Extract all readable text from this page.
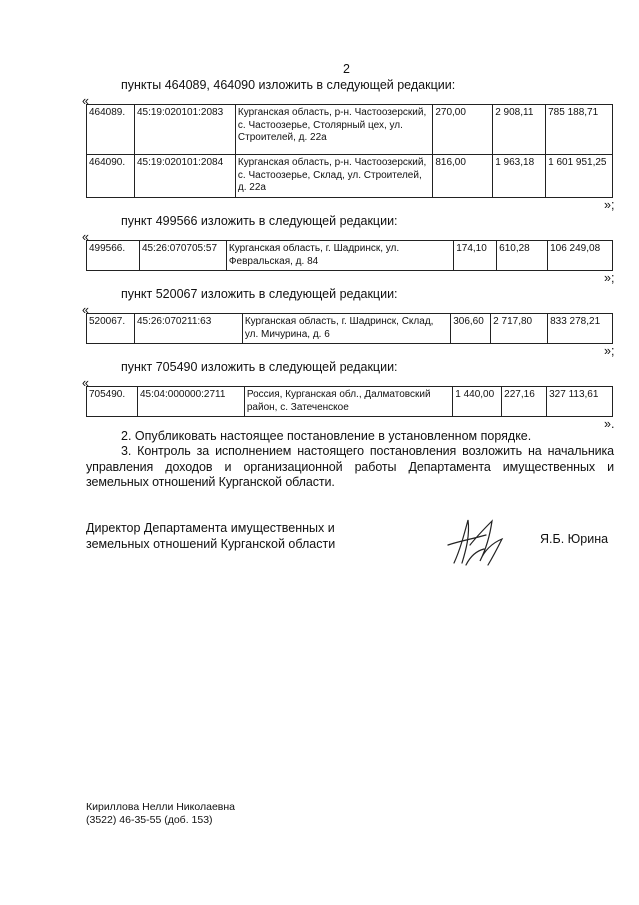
2
пункты 464089, 464090 изложить в следующей редакции:
«
464089.	45:19:020101:2083	Курганская область, р-н. Частоозерский, с. Частоозерье, Столярный цех, ул. Строителей, д. 22а	270,00	2 908,11	785 188,71
464090.	45:19:020101:2084	Курганская область, р-н. Частоозерский, с. Частоозерье, Склад, ул. Строителей, д. 22а	816,00	1 963,18	1 601 951,25
»;
пункт 499566 изложить в следующей редакции:
«
499566.	45:26:070705:57	Курганская область, г. Шадринск, ул. Февральская, д. 84	174,10	610,28	106 249,08
»;
пункт 520067 изложить в следующей редакции:
«
520067.	45:26:070211:63	Курганская область, г. Шадринск, Склад, ул. Мичурина, д. 6	306,60	2 717,80	833 278,21
»;
пункт 705490 изложить в следующей редакции:
«
705490.	45:04:000000:2711	Россия, Курганская обл., Далматовский район, с. Затеченское	1 440,00	227,16	327 113,61
».
2. Опубликовать настоящее постановление в установленном порядке.
3. Контроль за исполнением настоящего постановления возложить на начальника управления доходов и организационной работы Департамента имущественных и земельных отношений Курганской области.
Директор Департамента имущественных и
земельных отношений Курганской области	Я.Б. Юрина
Кириллова Нелли Николаевна
(3522) 46-35-55 (доб. 153)
